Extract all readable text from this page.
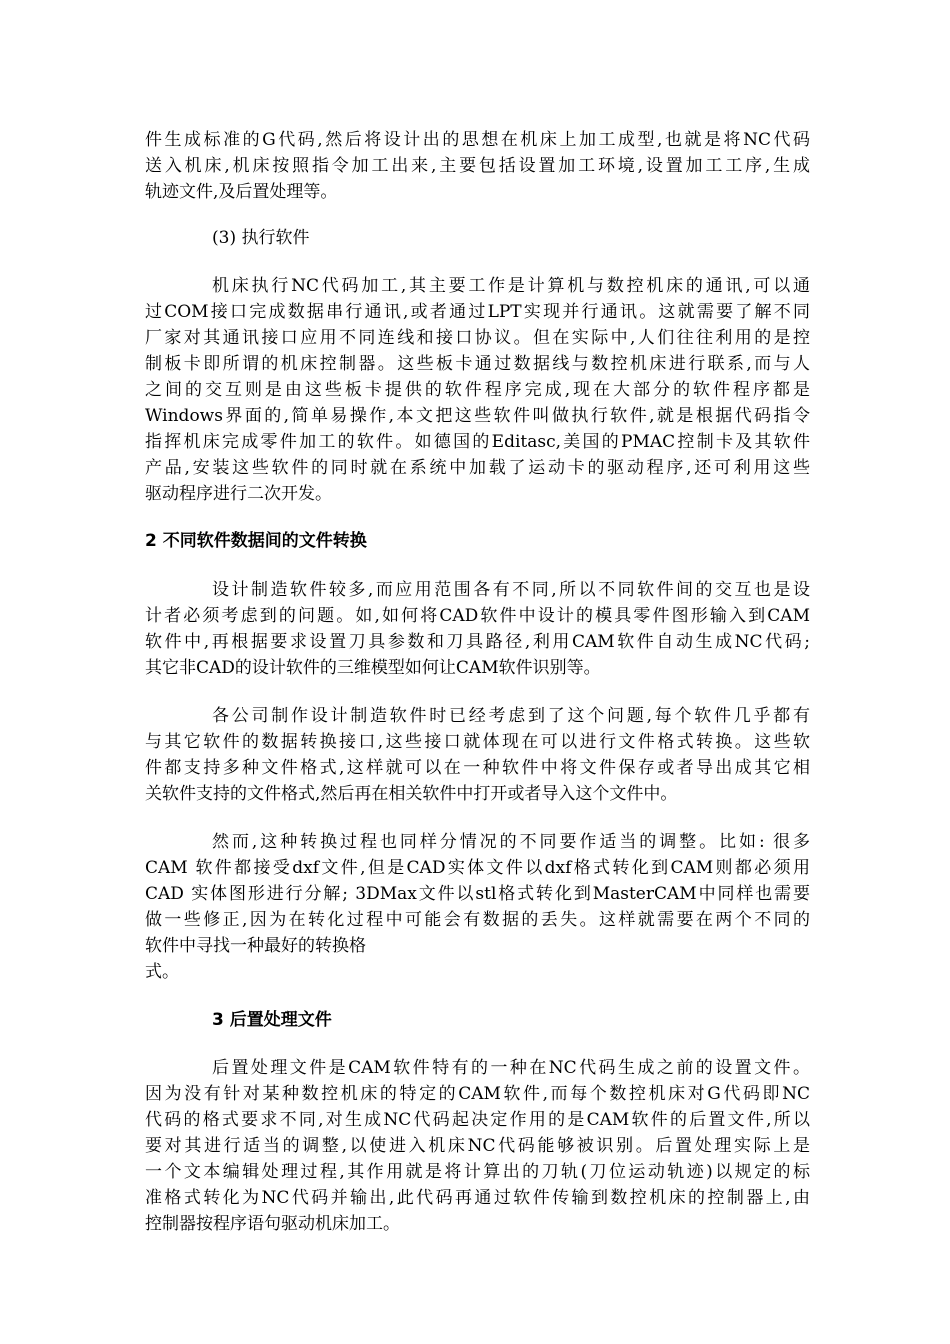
件生成标准的G代码,然后将设计出的思想在机床上加工成型,也就是将NC代码
送入机床,机床按照指令加工出来,主要包括设置加工环境,设置加工工序,生成
轨迹文件,及后置处理等。
(3) 执行软件
机床执行NC代码加工,其主要工作是计算机与数控机床的通讯,可以通
过COM接口完成数据串行通讯,或者通过LPT实现并行通讯。这就需要了解不同
厂家对其通讯接口应用不同连线和接口协议。但在实际中,人们往往利用的是控
制板卡即所谓的机床控制器。这些板卡通过数据线与数控机床进行联系,而与人
之间的交互则是由这些板卡提供的软件程序完成,现在大部分的软件程序都是
Windows界面的,简单易操作,本文把这些软件叫做执行软件,就是根据代码指令
指挥机床完成零件加工的软件。如德国的Editasc,美国的PMAC控制卡及其软件
产品,安装这些软件的同时就在系统中加载了运动卡的驱动程序,还可利用这些
驱动程序进行二次开发。
2 不同软件数据间的文件转换
设计制造软件较多,而应用范围各有不同,所以不同软件间的交互也是设
计者必须考虑到的问题。如,如何将CAD软件中设计的模具零件图形输入到CAM
软件中,再根据要求设置刀具参数和刀具路径,利用CAM软件自动生成NC代码;
其它非CAD的设计软件的三维模型如何让CAM软件识别等。
各公司制作设计制造软件时已经考虑到了这个问题,每个软件几乎都有
与其它软件的数据转换接口,这些接口就体现在可以进行文件格式转换。这些软
件都支持多种文件格式,这样就可以在一种软件中将文件保存或者导出成其它相
关软件支持的文件格式,然后再在相关软件中打开或者导入这个文件中。
然而,这种转换过程也同样分情况的不同要作适当的调整。比如: 很多
CAM 软件都接受dxf文件,但是CAD实体文件以dxf格式转化到CAM则都必须用
CAD 实体图形进行分解; 3DMax文件以stl格式转化到MasterCAM中同样也需要
做一些修正,因为在转化过程中可能会有数据的丢失。这样就需要在两个不同的
软件中寻找一种最好的转换格
式。
3 后置处理文件
后置处理文件是CAM软件特有的一种在NC代码生成之前的设置文件。
因为没有针对某种数控机床的特定的CAM软件,而每个数控机床对G代码即NC
代码的格式要求不同,对生成NC代码起决定作用的是CAM软件的后置文件,所以
要对其进行适当的调整,以使进入机床NC代码能够被识别。后置处理实际上是
一个文本编辑处理过程,其作用就是将计算出的刀轨(刀位运动轨迹)以规定的标
准格式转化为NC代码并输出,此代码再通过软件传输到数控机床的控制器上,由
控制器按程序语句驱动机床加工。
